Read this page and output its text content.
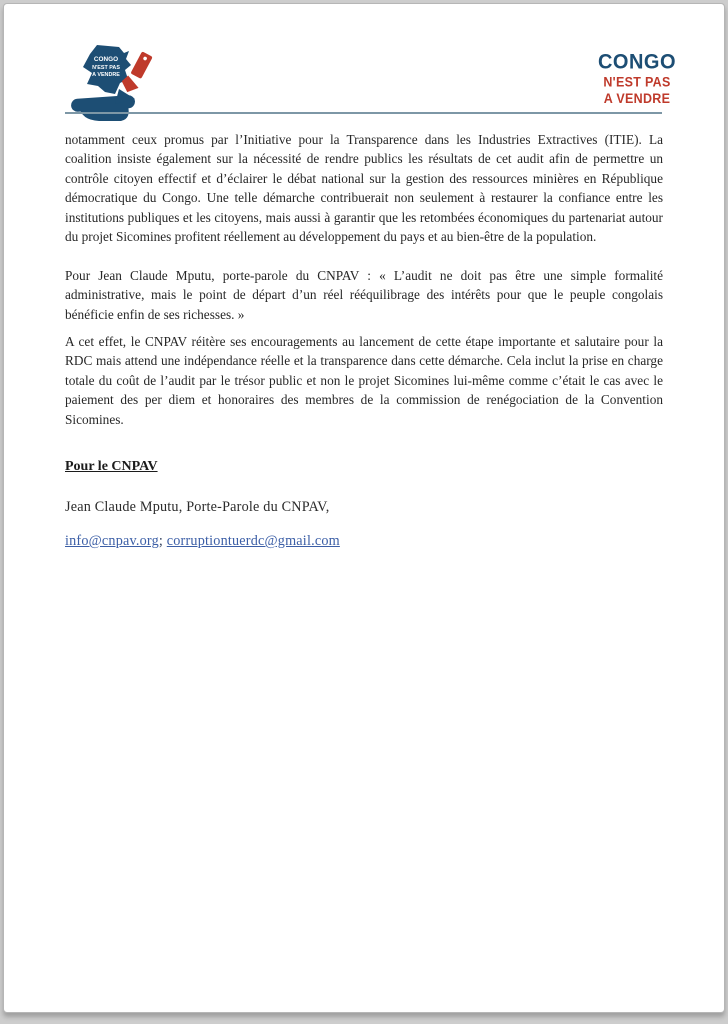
CONGO
N'EST PAS
A VENDRE
CONGO
N'EST PAS
A VENDRE

notamment ceux promus par l’Initiative pour la Transparence dans les Industries Extractives (ITIE). La coalition insiste également sur la nécessité de rendre publics les résultats de cet audit afin de permettre un contrôle citoyen effectif et d’éclairer le débat national sur la gestion des ressources minières en République démocratique du Congo. Une telle démarche contribuerait non seulement à restaurer la confiance entre les institutions publiques et les citoyens, mais aussi à garantir que les retombées économiques du partenariat autour du projet Sicomines profitent réellement au développement du pays et au bien-être de la population.

Pour Jean Claude Mputu, porte-parole du CNPAV : « L’audit ne doit pas être une simple formalité administrative, mais le point de départ d’un réel rééquilibrage des intérêts pour que le peuple congolais bénéficie enfin de ses richesses. »

A cet effet, le CNPAV réitère ses encouragements au lancement de cette étape importante et salutaire pour la RDC mais attend une indépendance réelle et la transparence dans cette démarche. Cela inclut la prise en charge totale du coût de l’audit par le trésor public et non le projet Sicomines lui-même comme c’était le cas avec le paiement des per diem et honoraires des membres de la commission de renégociation de la Convention Sicomines.

Pour le CNPAV
Jean Claude Mputu, Porte-Parole du CNPAV,
info@cnpav.org; corruptiontuerdc@gmail.com
